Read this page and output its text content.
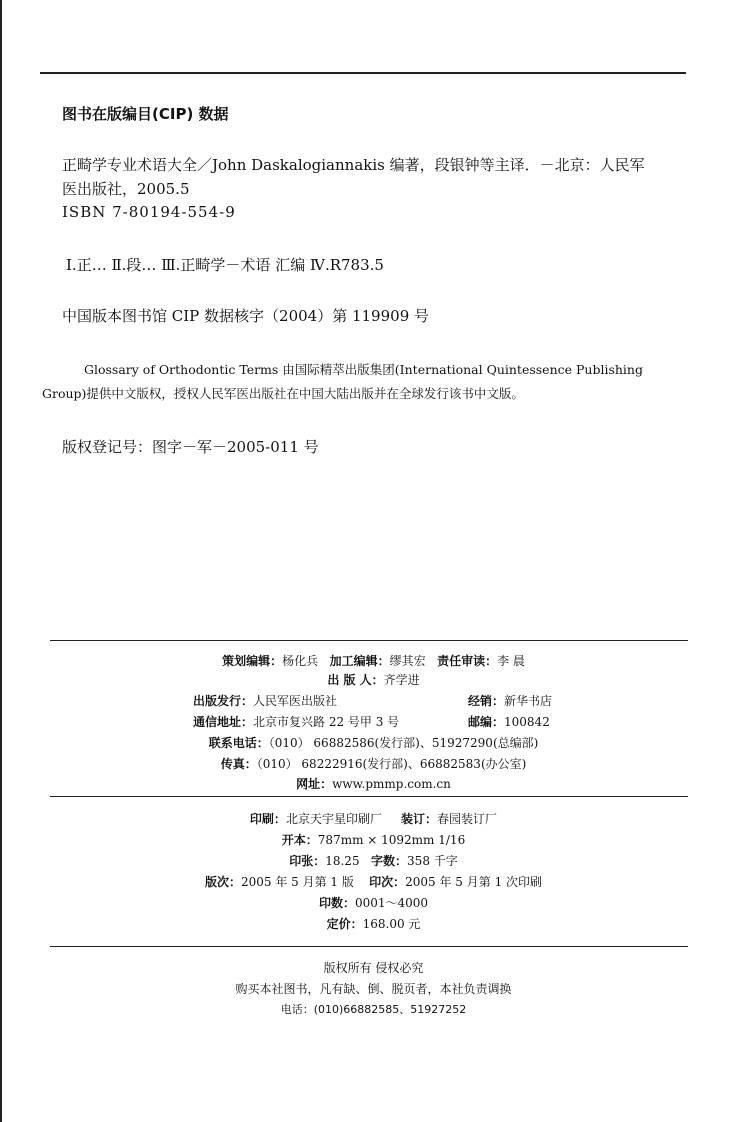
图书在版编目(CIP) 数据
正畸学专业术语大全／John Daskalogiannakis 编著，段银钟等主译．－北京：人民军
医出版社，2005.5
ISBN 7-80194-554-9
Ⅰ.正… Ⅱ.段… Ⅲ.正畸学－术语 汇编 Ⅳ.R783.5
中国版本图书馆 CIP 数据核字（2004）第 119909 号
Glossary of Orthodontic Terms 由国际精萃出版集团(International Quintessence Publishing
Group)提供中文版权，授权人民军医出版社在中国大陆出版并在全球发行该书中文版。
版权登记号：图字－军－2005-011 号
策划编辑：杨化兵 加工编辑：缪其宏 责任审读：李 晨
出 版 人：齐学进
出版发行：人民军医出版社	经销：新华书店
通信地址：北京市复兴路 22 号甲 3 号	邮编：100842
联系电话：（010） 66882586(发行部)、51927290(总编部)
传真：（010） 68222916(发行部)、66882583(办公室)
网址：www.pmmp.com.cn
印刷：北京天宇星印刷厂 装订：春园装订厂
开本：787mm × 1092mm 1/16
印张：18.25 字数：358 千字
版次：2005 年 5 月第 1 版 印次：2005 年 5 月第 1 次印刷
印数：0001～4000
定价：168.00 元
版权所有 侵权必究
购买本社图书，凡有缺、倒、脱页者，本社负责调换
电话：(010)66882585、51927252
